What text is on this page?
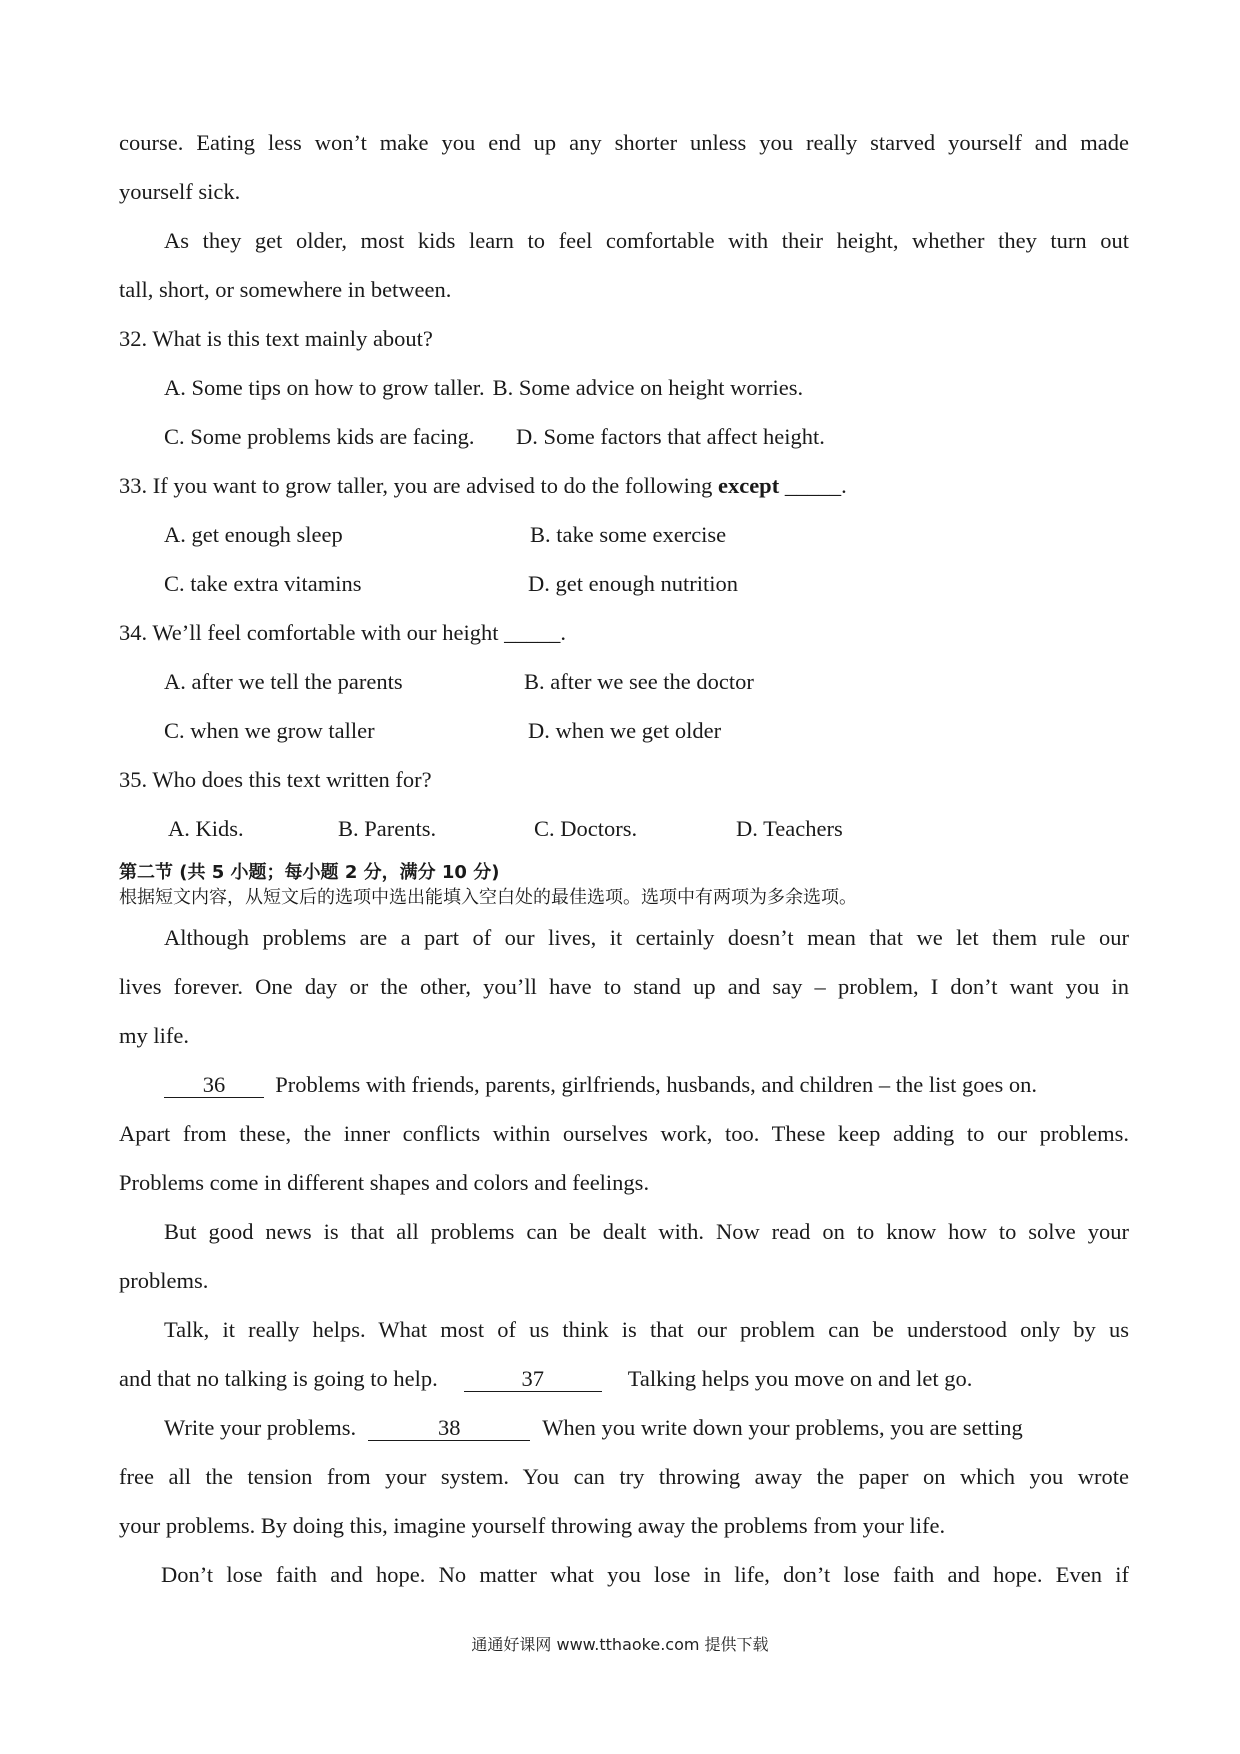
course. Eating less won’t make you end up any shorter unless you really starved yourself and made
yourself sick.
As they get older, most kids learn to feel comfortable with their height, whether they turn out
tall, short, or somewhere in between.
32. What is this text mainly about?
A. Some tips on how to grow taller. B. Some advice on height worries.
C. Some problems kids are facing.	D. Some factors that affect height.
33. If you want to grow taller, you are advised to do the following except _____.
A. get enough sleep	B. take some exercise
C. take extra vitamins	D. get enough nutrition
34. We’ll feel comfortable with our height _____.
A. after we tell the parents	B. after we see the doctor
C. when we grow taller	D. when we get older
35. Who does this text written for?
A. Kids.	B. Parents.	C. Doctors.	D. Teachers
第二节 (共 5 小题；每小题 2 分，满分 10 分)
根据短文内容，从短文后的选项中选出能填入空白处的最佳选项。选项中有两项为多余选项。
Although problems are a part of our lives, it certainly doesn’t mean that we let them rule our
lives forever. One day or the other, you’ll have to stand up and say – problem, I don’t want you in
my life.
36 Problems with friends, parents, girlfriends, husbands, and children – the list goes on.
Apart from these, the inner conflicts within ourselves work, too. These keep adding to our problems.
Problems come in different shapes and colors and feelings.
But good news is that all problems can be dealt with. Now read on to know how to solve your
problems.
Talk, it really helps. What most of us think is that our problem can be understood only by us
and that no talking is going to help.	37	Talking helps you move on and let go.
Write your problems.	38	When you write down your problems, you are setting
free all the tension from your system. You can try throwing away the paper on which you wrote
your problems. By doing this, imagine yourself throwing away the problems from your life.
Don’t lose faith and hope. No matter what you lose in life, don’t lose faith and hope. Even if
通通好课网 www.tthaoke.com 提供下载
